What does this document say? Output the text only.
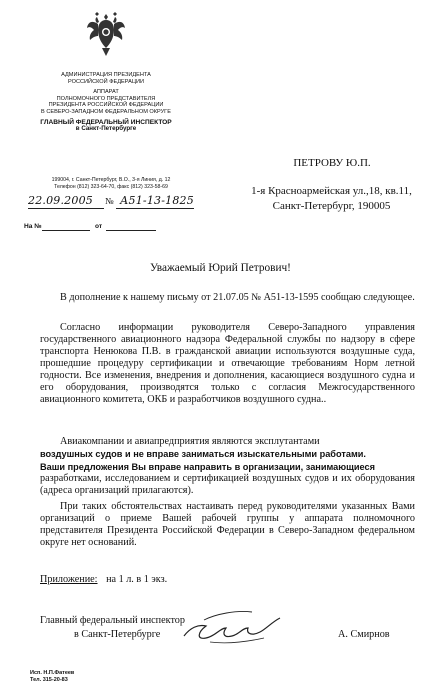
АДМИНИСТРАЦИЯ ПРЕЗИДЕНТА
РОССИЙСКОЙ ФЕДЕРАЦИИ
АППАРАТ
ПОЛНОМОЧНОГО ПРЕДСТАВИТЕЛЯ
ПРЕЗИДЕНТА РОССИЙСКОЙ ФЕДЕРАЦИИ
В СЕВЕРО-ЗАПАДНОМ ФЕДЕРАЛЬНОМ ОКРУГЕ
ГЛАВНЫЙ ФЕДЕРАЛЬНЫЙ ИНСПЕКТОР
в Санкт-Петербурге
199004, г. Санкт-Петербург, В.О., 3-я Линия, д. 12
Телефон (812) 323-64-70, факс (812) 323-58-69
22.09.2005 № А51-13-1825
На №	от
ПЕТРОВУ Ю.П.
1-я Красноармейская ул.,18, кв.11,
Санкт-Петербург, 190005
Уважаемый Юрий Петрович!
В дополнение к нашему письму от 21.07.05 № А51-13-1595 сообщаю следующее.
Согласно информации руководителя Северо-Западного управления государственного авиационного надзора Федеральной службы по надзору в сфере транспорта Ненюкова П.В. в гражданской авиации используются воздушные суда, прошедшие процедуру сертификации и отвечающие требованиям Норм летной годности. Все изменения, внедрения и дополнения, касающиеся воздушного судна и его оборудования, производятся только с согласия Межгосударственного авиационного комитета, ОКБ и разработчиков воздушного судна..
Авиакомпании и авиапредприятия являются эксплутантами
воздушных судов и не вправе заниматься изыскательными работами.
Ваши предложения Вы вправе направить в организации, занимающиеся
разработками, исследованием и сертификацией воздушных судов и их оборудования (адреса организаций прилагаются).
При таких обстоятельствах настаивать перед руководителями указанных Вами организаций о приеме Вашей рабочей группы у аппарата полномочного представителя Президента Российской Федерации в Северо-Западном федеральном округе нет оснований.
Приложение: на 1 л. в 1 экз.
Главный федеральный инспектор
в Санкт-Петербурге	А. Смирнов
Исп. Н.П.Фатеев
Тел. 315-20-83
